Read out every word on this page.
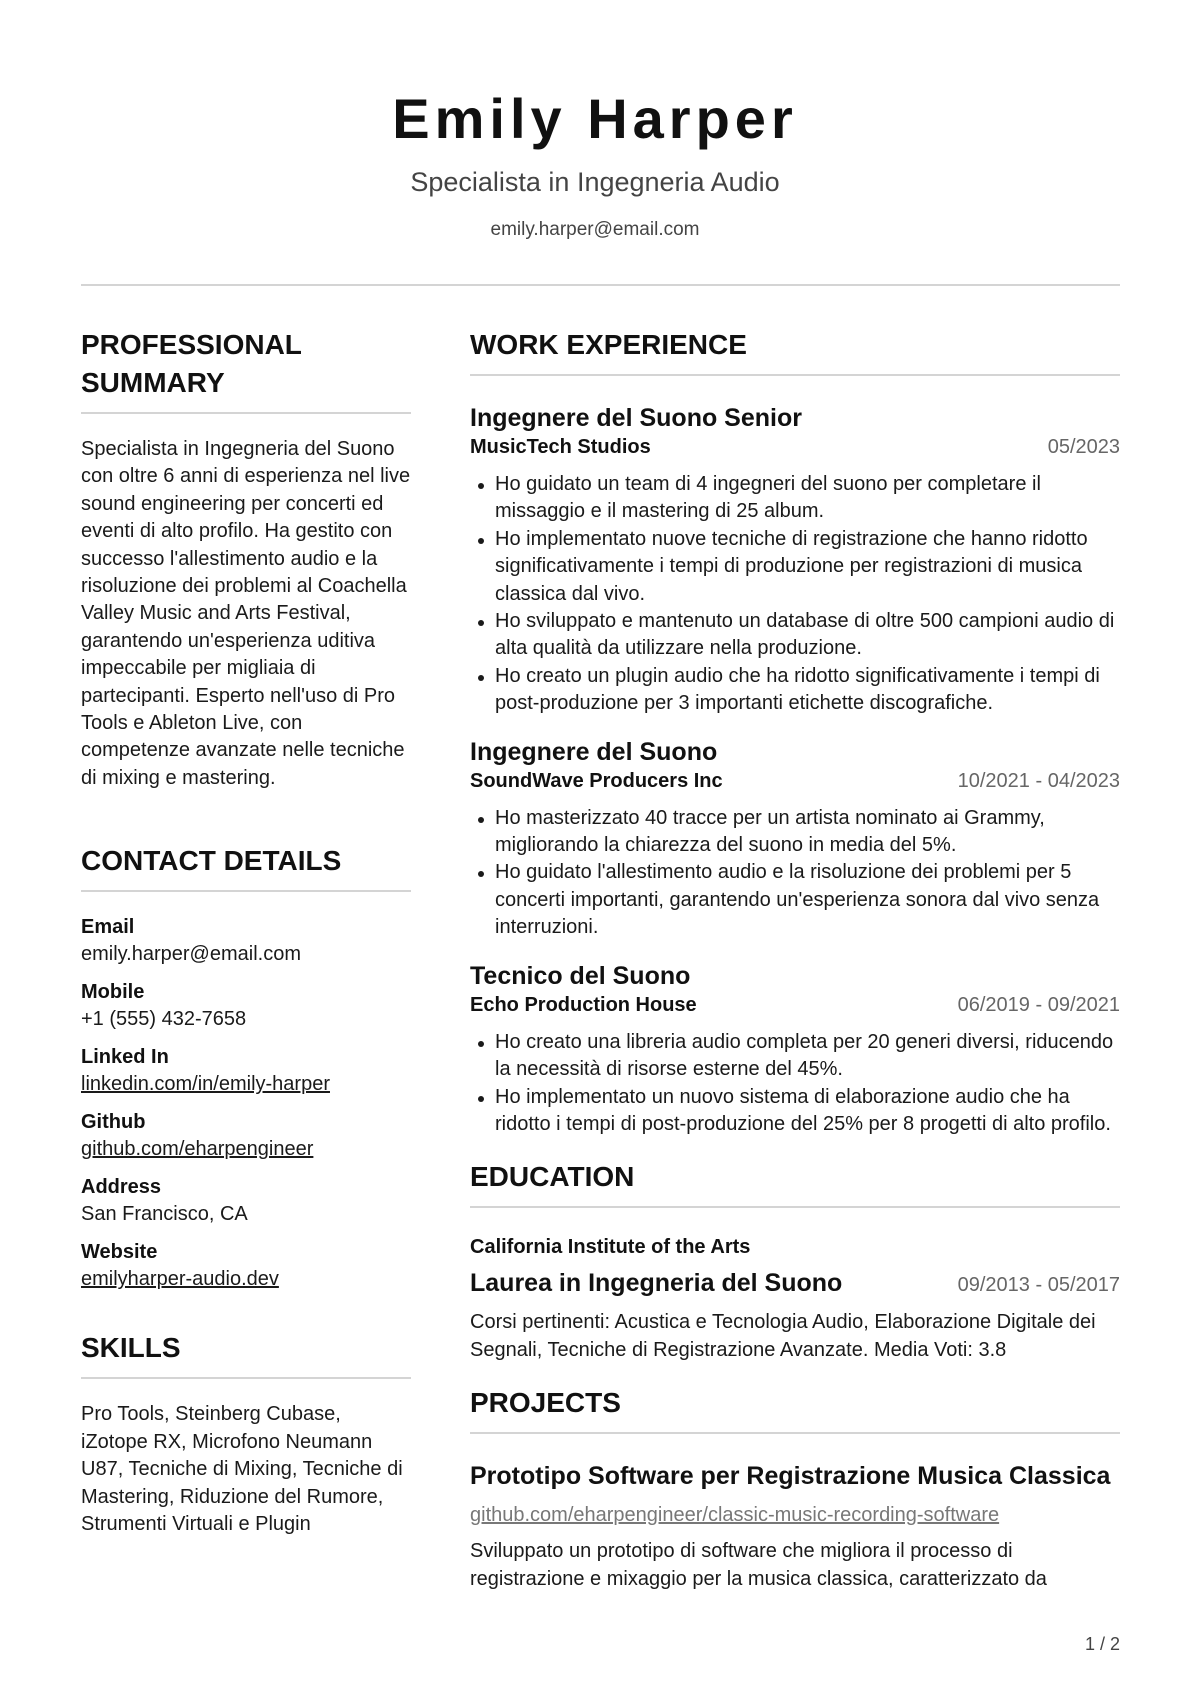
Emily Harper
Specialista in Ingegneria Audio
emily.harper@email.com
PROFESSIONAL SUMMARY
Specialista in Ingegneria del Suono con oltre 6 anni di esperienza nel live sound engineering per concerti ed eventi di alto profilo. Ha gestito con successo l'allestimento audio e la risoluzione dei problemi al Coachella Valley Music and Arts Festival, garantendo un'esperienza uditiva impeccabile per migliaia di partecipanti. Esperto nell'uso di Pro Tools e Ableton Live, con competenze avanzate nelle tecniche di mixing e mastering.
CONTACT DETAILS
Email
emily.harper@email.com
Mobile
+1 (555) 432-7658
Linked In
linkedin.com/in/emily-harper
Github
github.com/eharpengineer
Address
San Francisco, CA
Website
emilyharper-audio.dev
SKILLS
Pro Tools, Steinberg Cubase, iZotope RX, Microfono Neumann U87, Tecniche di Mixing, Tecniche di Mastering, Riduzione del Rumore, Strumenti Virtuali e Plugin
WORK EXPERIENCE
Ingegnere del Suono Senior
MusicTech Studios	05/2023
Ho guidato un team di 4 ingegneri del suono per completare il missaggio e il mastering di 25 album.
Ho implementato nuove tecniche di registrazione che hanno ridotto significativamente i tempi di produzione per registrazioni di musica classica dal vivo.
Ho sviluppato e mantenuto un database di oltre 500 campioni audio di alta qualità da utilizzare nella produzione.
Ho creato un plugin audio che ha ridotto significativamente i tempi di post-produzione per 3 importanti etichette discografiche.
Ingegnere del Suono
SoundWave Producers Inc	10/2021 - 04/2023
Ho masterizzato 40 tracce per un artista nominato ai Grammy, migliorando la chiarezza del suono in media del 5%.
Ho guidato l'allestimento audio e la risoluzione dei problemi per 5 concerti importanti, garantendo un'esperienza sonora dal vivo senza interruzioni.
Tecnico del Suono
Echo Production House	06/2019 - 09/2021
Ho creato una libreria audio completa per 20 generi diversi, riducendo la necessità di risorse esterne del 45%.
Ho implementato un nuovo sistema di elaborazione audio che ha ridotto i tempi di post-produzione del 25% per 8 progetti di alto profilo.
EDUCATION
California Institute of the Arts
Laurea in Ingegneria del Suono	09/2013 - 05/2017
Corsi pertinenti: Acustica e Tecnologia Audio, Elaborazione Digitale dei Segnali, Tecniche di Registrazione Avanzate. Media Voti: 3.8
PROJECTS
Prototipo Software per Registrazione Musica Classica
github.com/eharpengineer/classic-music-recording-software
Sviluppato un prototipo di software che migliora il processo di registrazione e mixaggio per la musica classica, caratterizzato da
1 / 2
